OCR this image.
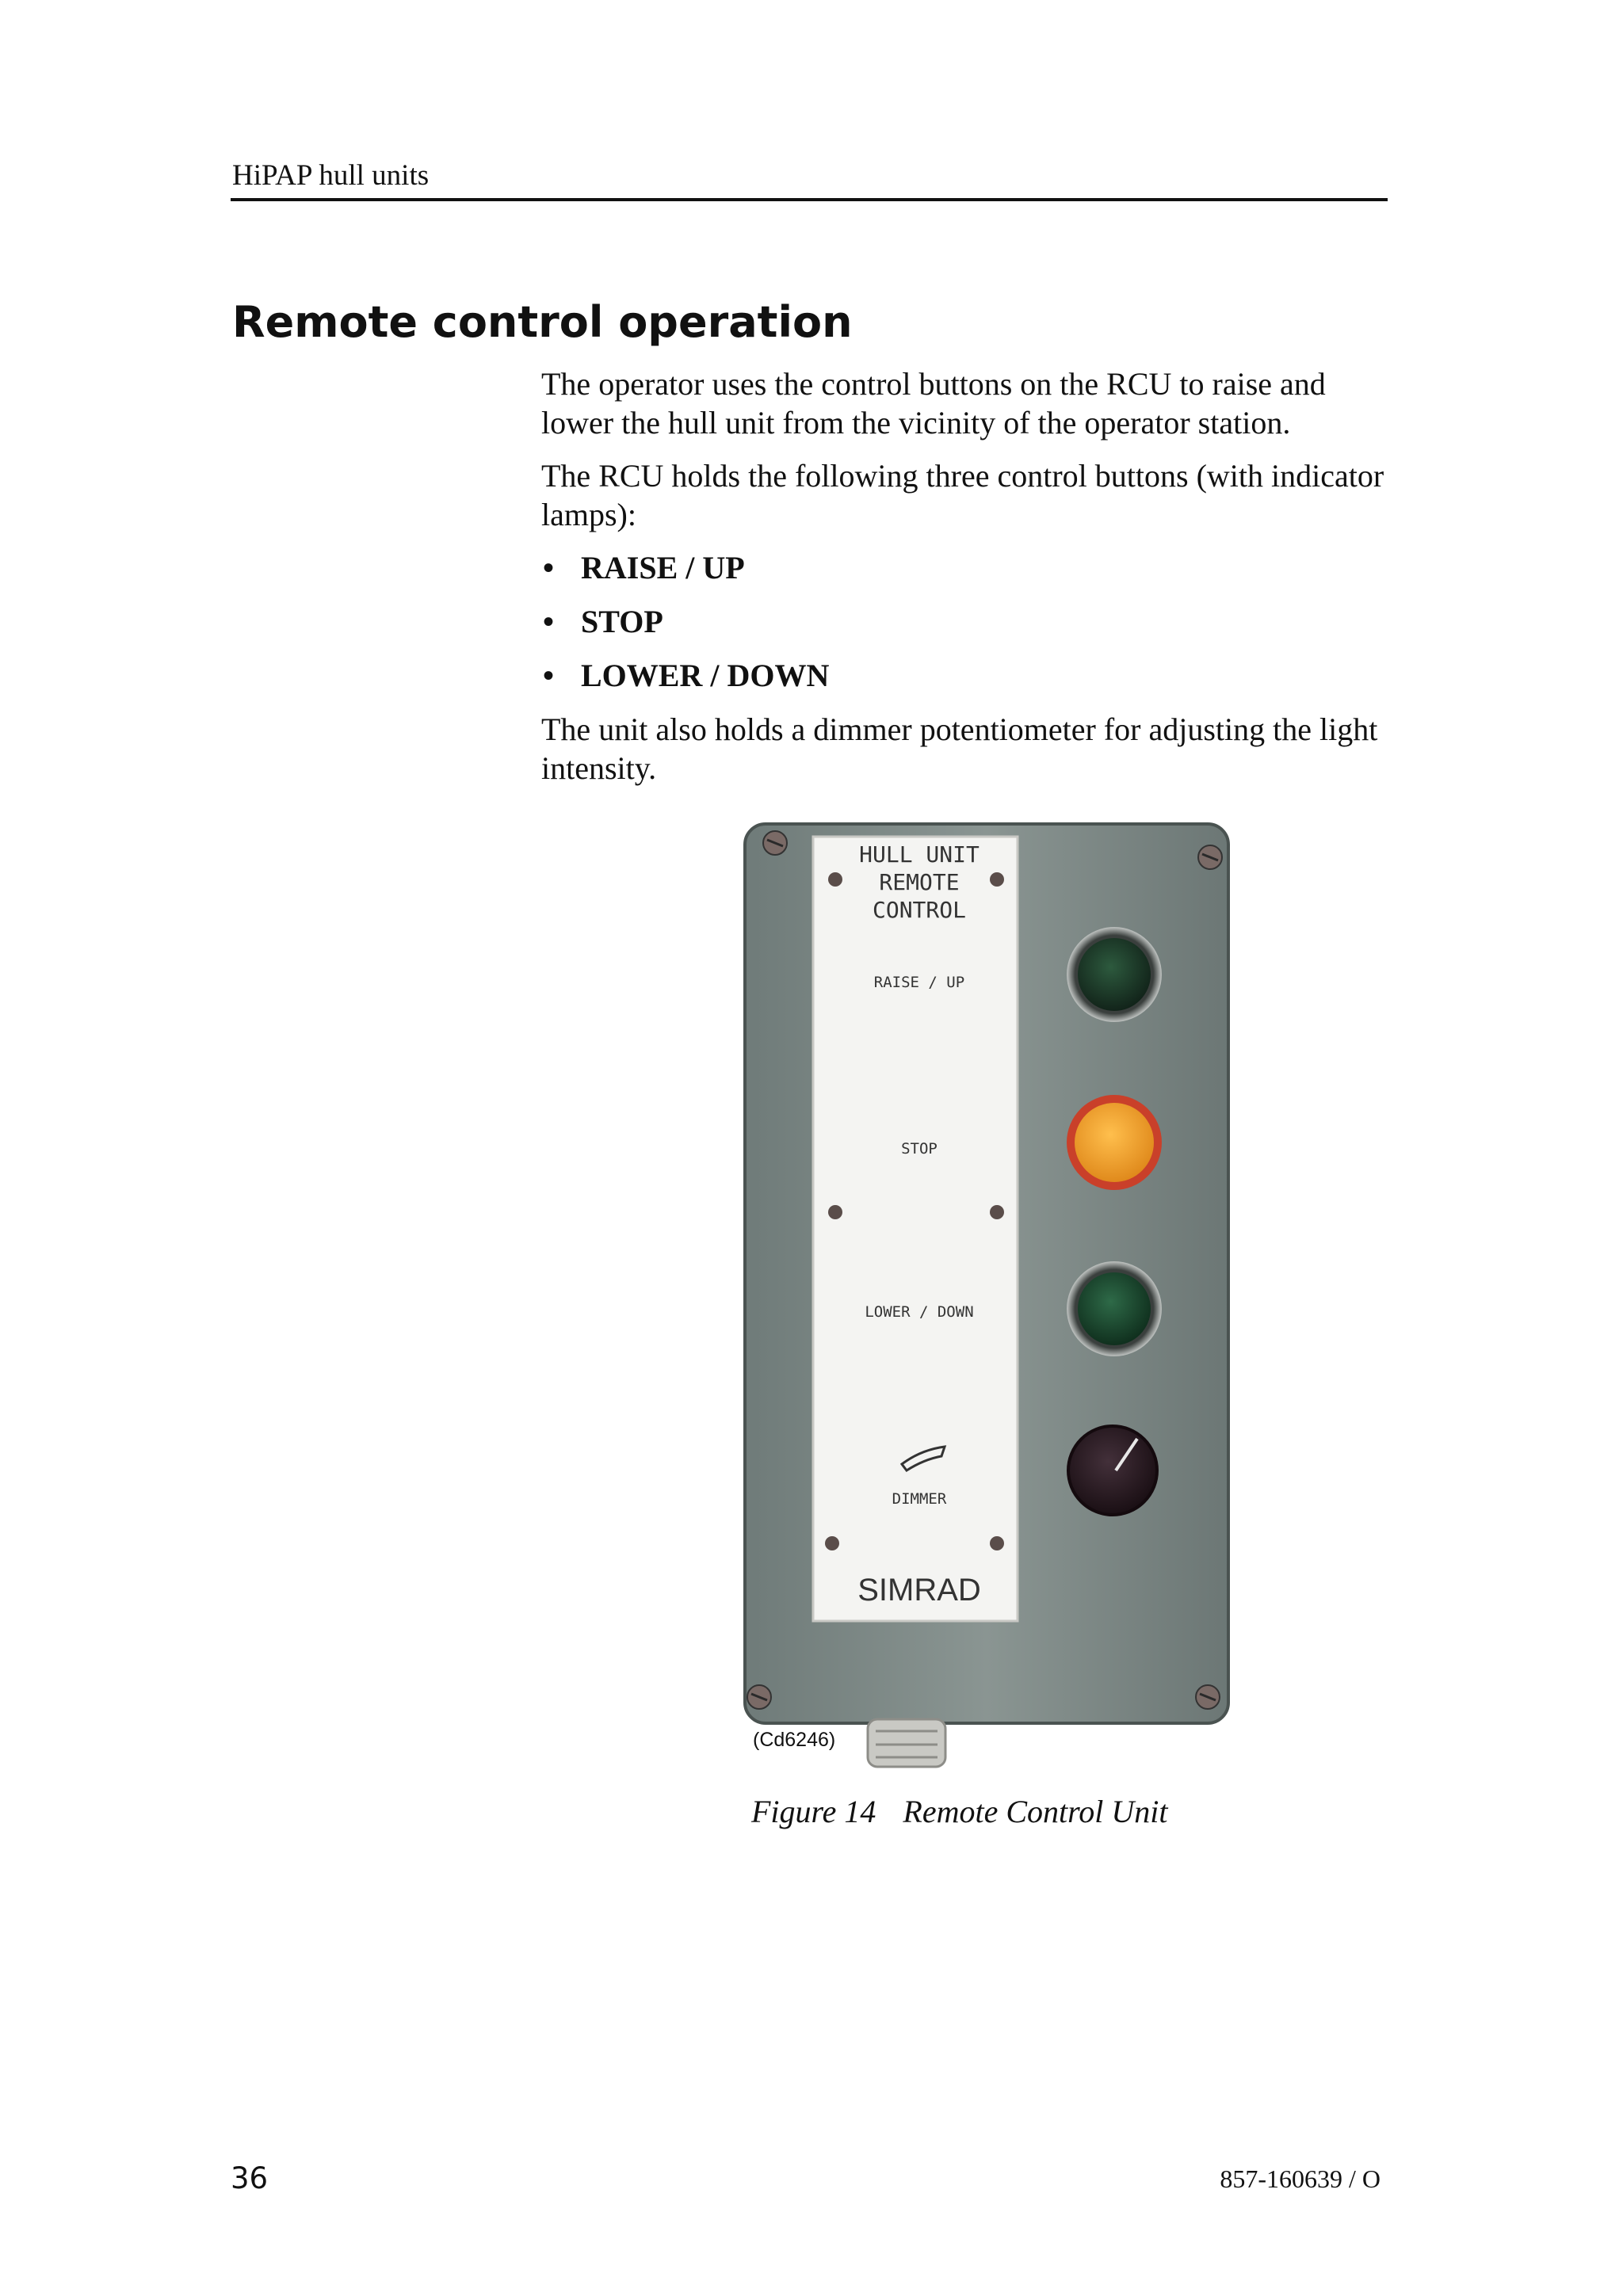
HiPAP hull units
Remote control operation

The operator uses the control buttons on the RCU to raise and lower the hull unit from the vicinity of the operator station.

The RCU holds the following three control buttons (with indicator lamps):

• RAISE / UP
• STOP
• LOWER / DOWN

The unit also holds a dimmer potentiometer for adjusting the light intensity.

HULL UNIT
REMOTE
CONTROL
RAISE / UP
STOP
LOWER / DOWN
DIMMER
SIMRAD
(Cd6246)
Figure 14 Remote Control Unit
36	857-160639 / O
